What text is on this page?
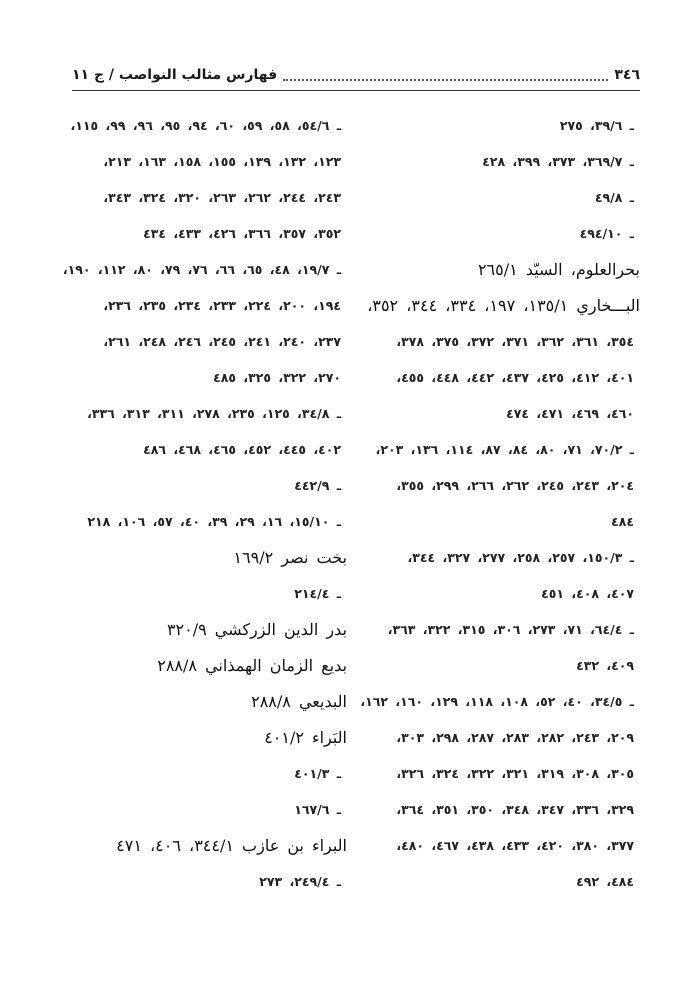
٣٤٦
فهارس مثالب النواصب / ج ١١
ـ ٣٩/٦، ٢٧٥
ـ ٣٦٩/٧، ٣٧٣، ٣٩٩، ٤٢٨
ـ ٤٩/٨
ـ ٤٩٤/١٠
بحرالعلوم، السيّد ٢٦٥/١
البـــخاري ١٣٥/١، ١٩٧، ٣٣٤، ٣٤٤، ٣٥٢،
٣٥٤، ٣٦١، ٣٦٢، ٣٧١، ٣٧٢، ٣٧٥، ٣٧٨،
٤٠١، ٤١٢، ٤٢٥، ٤٣٧، ٤٤٢، ٤٤٨، ٤٥٥،
٤٦٠، ٤٦٩، ٤٧١، ٤٧٤
ـ ٧٠/٢، ٧١، ٨٠، ٨٤، ٨٧، ١١٤، ١٣٦، ٢٠٣،
٢٠٤، ٢٤٣، ٢٤٥، ٢٦٢، ٢٦٦، ٢٩٩، ٣٥٥،
٤٨٤
ـ ١٥٠/٣، ٢٥٧، ٢٥٨، ٢٧٧، ٣٢٧، ٣٤٤،
٤٠٧، ٤٠٨، ٤٥١
ـ ٦٤/٤، ٧١، ٢٧٣، ٣٠٦، ٣١٥، ٣٢٢، ٣٦٣،
٤٠٩، ٤٣٢
ـ ٣٤/٥، ٤٠، ٥٢، ١٠٨، ١١٨، ١٢٩، ١٦٠، ١٦٢،
٢٠٩، ٢٤٣، ٢٨٢، ٢٨٣، ٢٨٧، ٢٩٨، ٣٠٣،
٣٠٥، ٣٠٨، ٣١٩، ٣٢١، ٣٢٢، ٣٢٤، ٣٢٦،
٣٢٩، ٣٣٦، ٣٤٧، ٣٤٨، ٣٥٠، ٣٥١، ٣٦٤،
٣٧٧، ٣٨٠، ٤٢٠، ٤٣٣، ٤٣٨، ٤٦٧، ٤٨٠،
٤٨٤، ٤٩٢
ـ ٥٤/٦، ٥٨، ٥٩، ٦٠، ٩٤، ٩٥، ٩٦، ٩٩، ١١٥،
١٢٣، ١٣٢، ١٣٩، ١٥٥، ١٥٨، ١٦٣، ٢١٣،
٢٤٣، ٢٤٤، ٢٦٢، ٢٦٣، ٣٢٠، ٣٢٤، ٣٤٣،
٣٥٢، ٣٥٧، ٣٦٦، ٤٢٦، ٤٣٣، ٤٣٤
ـ ١٩/٧، ٤٨، ٦٥، ٦٦، ٧٦، ٧٩، ٨٠، ١١٢، ١٩٠،
١٩٤، ٢٠٠، ٢٢٤، ٢٣٣، ٢٣٤، ٢٣٥، ٢٣٦،
٢٣٧، ٢٤٠، ٢٤١، ٢٤٥، ٢٤٦، ٢٤٨، ٢٦١،
٢٧٠، ٣٢٢، ٣٢٥، ٤٨٥
ـ ٣٤/٨، ١٢٥، ٢٣٥، ٢٧٨، ٣١١، ٣١٣، ٣٣٦،
٤٠٢، ٤٤٥، ٤٥٢، ٤٦٥، ٤٦٨، ٤٨٦
ـ ٤٤٢/٩
ـ ١٥/١٠، ١٦، ٢٩، ٣٩، ٤٠، ٥٧، ١٠٦، ٢١٨
بخت نصر ١٦٩/٢
ـ ٢١٤/٤
بدر الدين الزركشي ٣٢٠/٩
بديع الزمان الهمذاني ٢٨٨/٨
البديعي ٢٨٨/٨
البَراء ٤٠١/٢
ـ ٤٠١/٣
ـ ١٦٧/٦
البراء بن عازب ٣٤٤/١، ٤٠٦، ٤٧١
ـ ٢٤٩/٤، ٢٧٣
